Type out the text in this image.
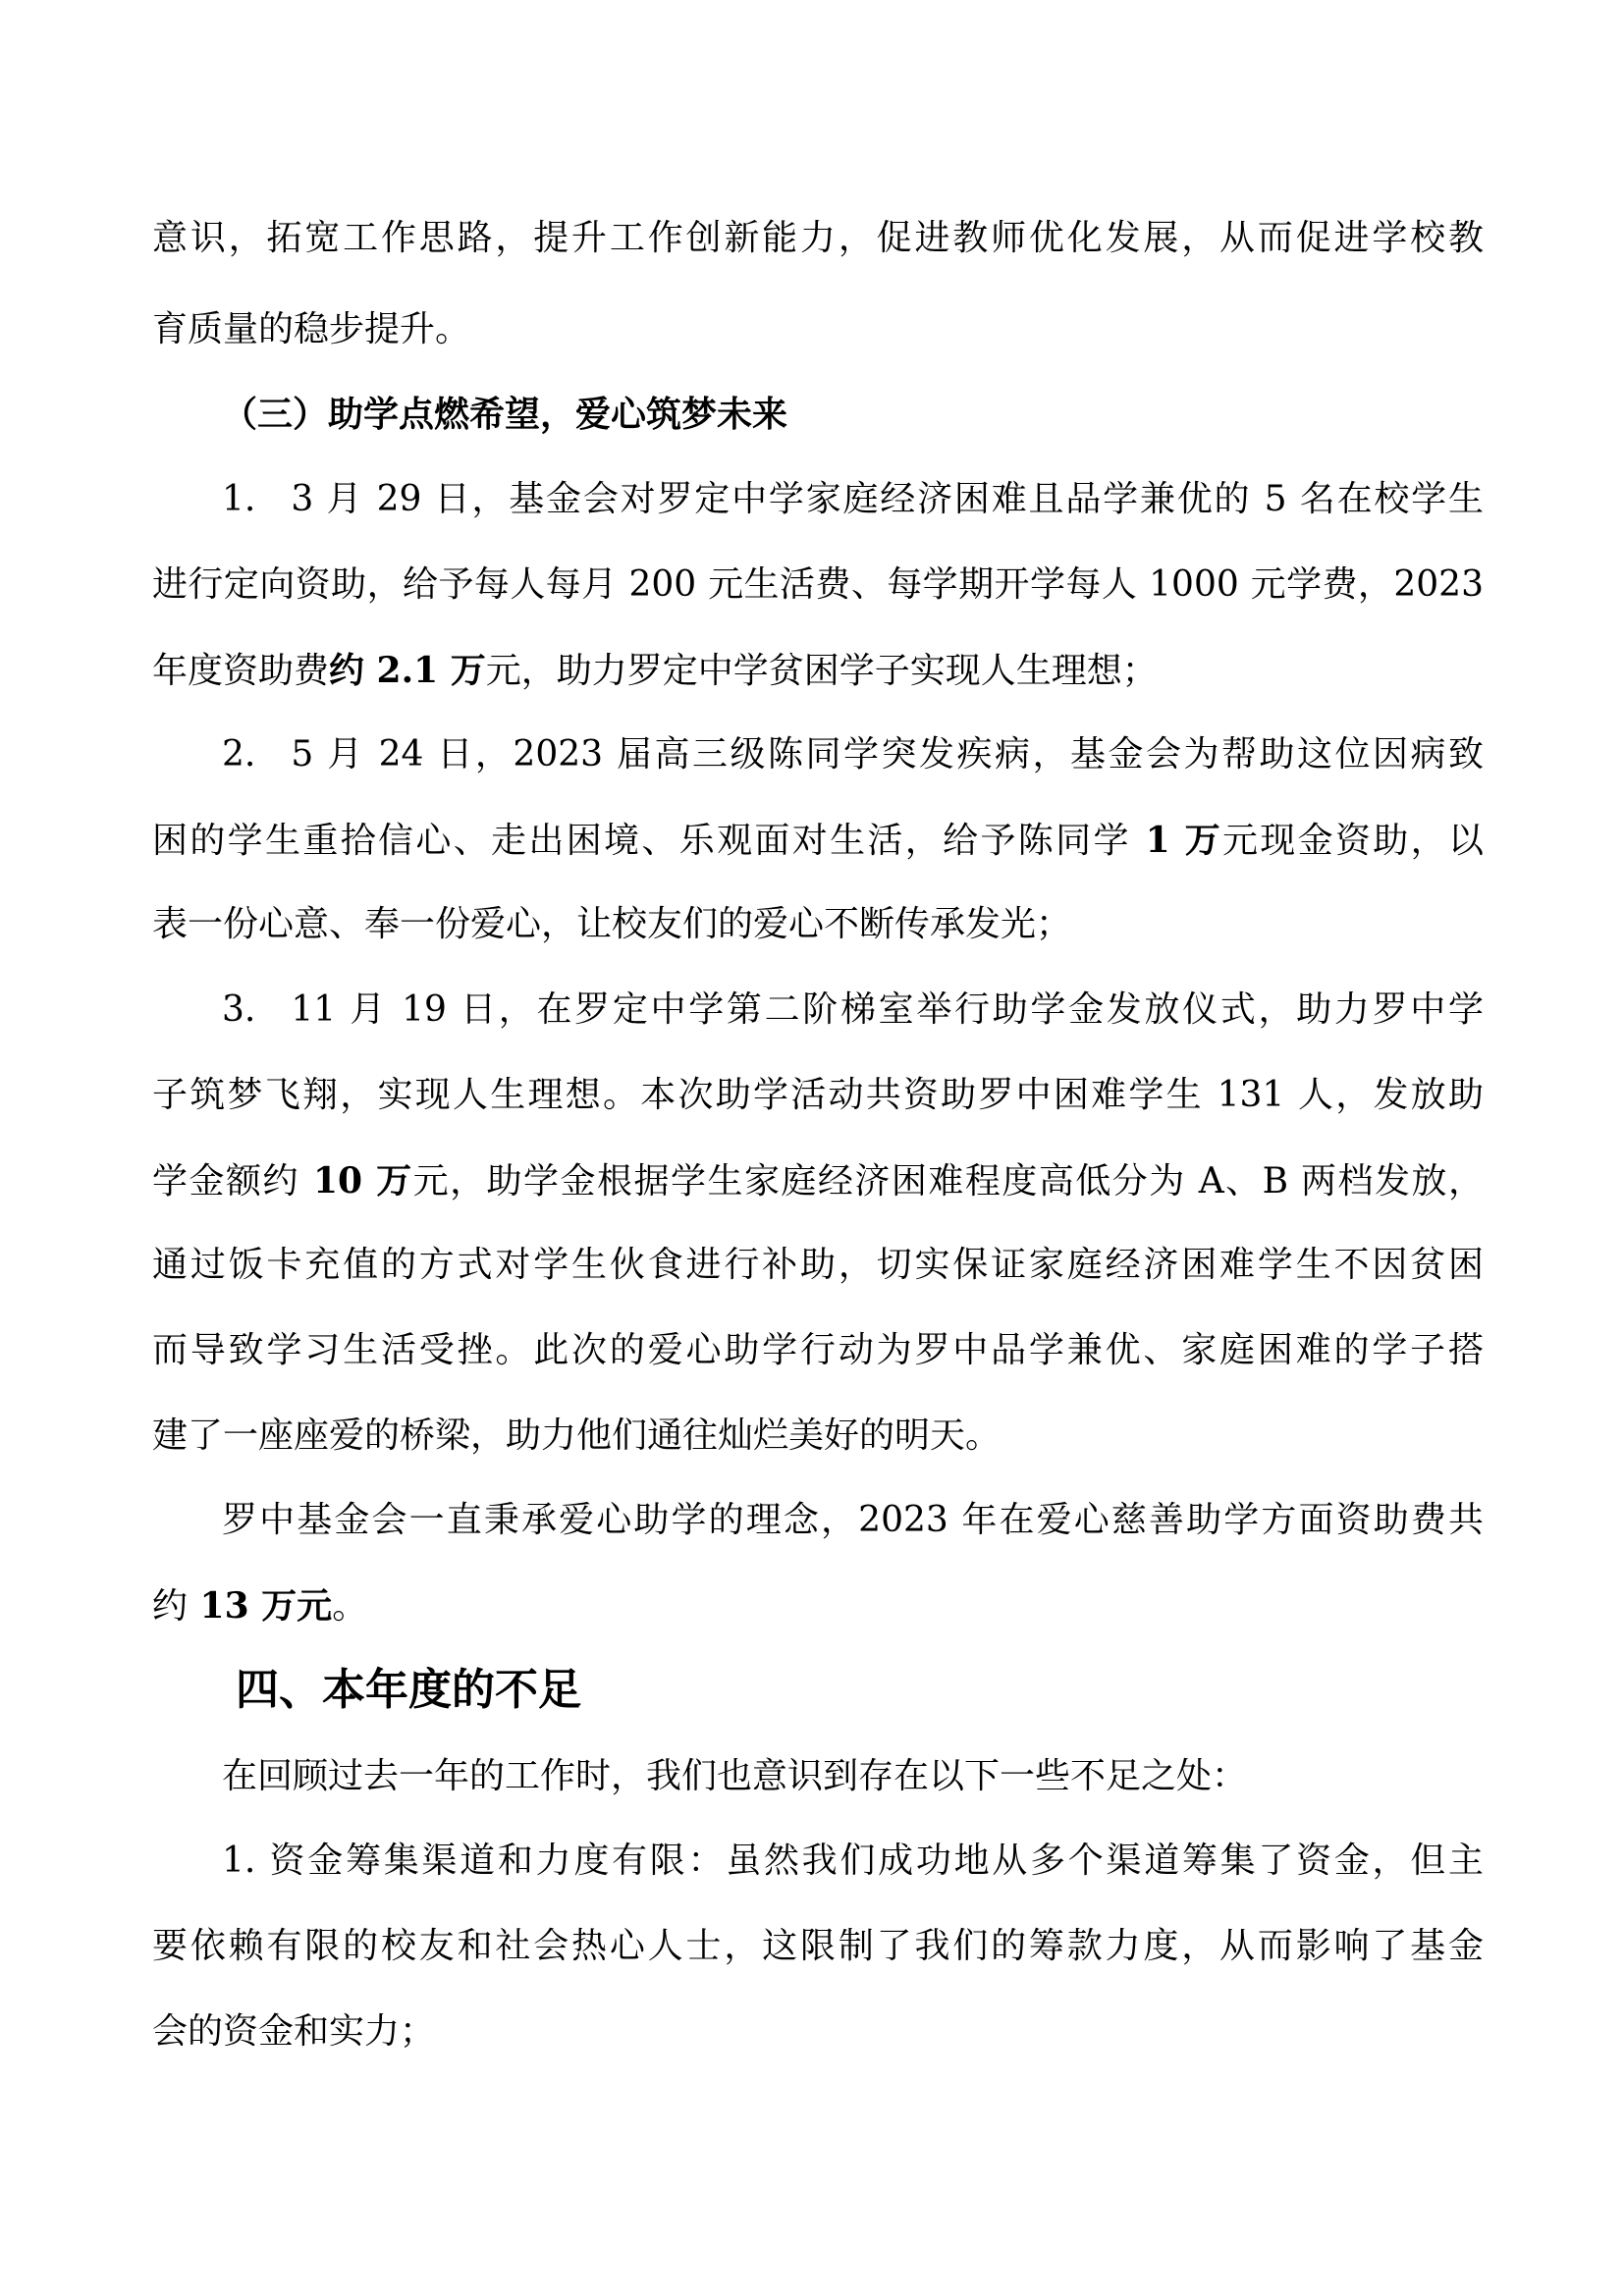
意识，拓宽工作思路，提升工作创新能力，促进教师优化发展，从而促进学校教
育质量的稳步提升。
（三）助学点燃希望，爱心筑梦未来
1. 3 月 29 日，基金会对罗定中学家庭经济困难且品学兼优的 5 名在校学生
进行定向资助，给予每人每月 200 元生活费、每学期开学每人 1000 元学费，2023
年度资助费约 2.1 万元，助力罗定中学贫困学子实现人生理想；
2. 5 月 24 日，2023 届高三级陈同学突发疾病，基金会为帮助这位因病致
困的学生重拾信心、走出困境、乐观面对生活，给予陈同学 1 万元现金资助，以
表一份心意、奉一份爱心，让校友们的爱心不断传承发光；
3. 11 月 19 日，在罗定中学第二阶梯室举行助学金发放仪式，助力罗中学
子筑梦飞翔，实现人生理想。本次助学活动共资助罗中困难学生 131 人，发放助
学金额约 10 万元，助学金根据学生家庭经济困难程度高低分为 A、B 两档发放，
通过饭卡充值的方式对学生伙食进行补助，切实保证家庭经济困难学生不因贫困
而导致学习生活受挫。此次的爱心助学行动为罗中品学兼优、家庭困难的学子搭
建了一座座爱的桥梁，助力他们通往灿烂美好的明天。
罗中基金会一直秉承爱心助学的理念，2023 年在爱心慈善助学方面资助费共
约 13 万元。
四、本年度的不足
在回顾过去一年的工作时，我们也意识到存在以下一些不足之处：
1. 资金筹集渠道和力度有限：虽然我们成功地从多个渠道筹集了资金，但主
要依赖有限的校友和社会热心人士，这限制了我们的筹款力度，从而影响了基金
会的资金和实力；
